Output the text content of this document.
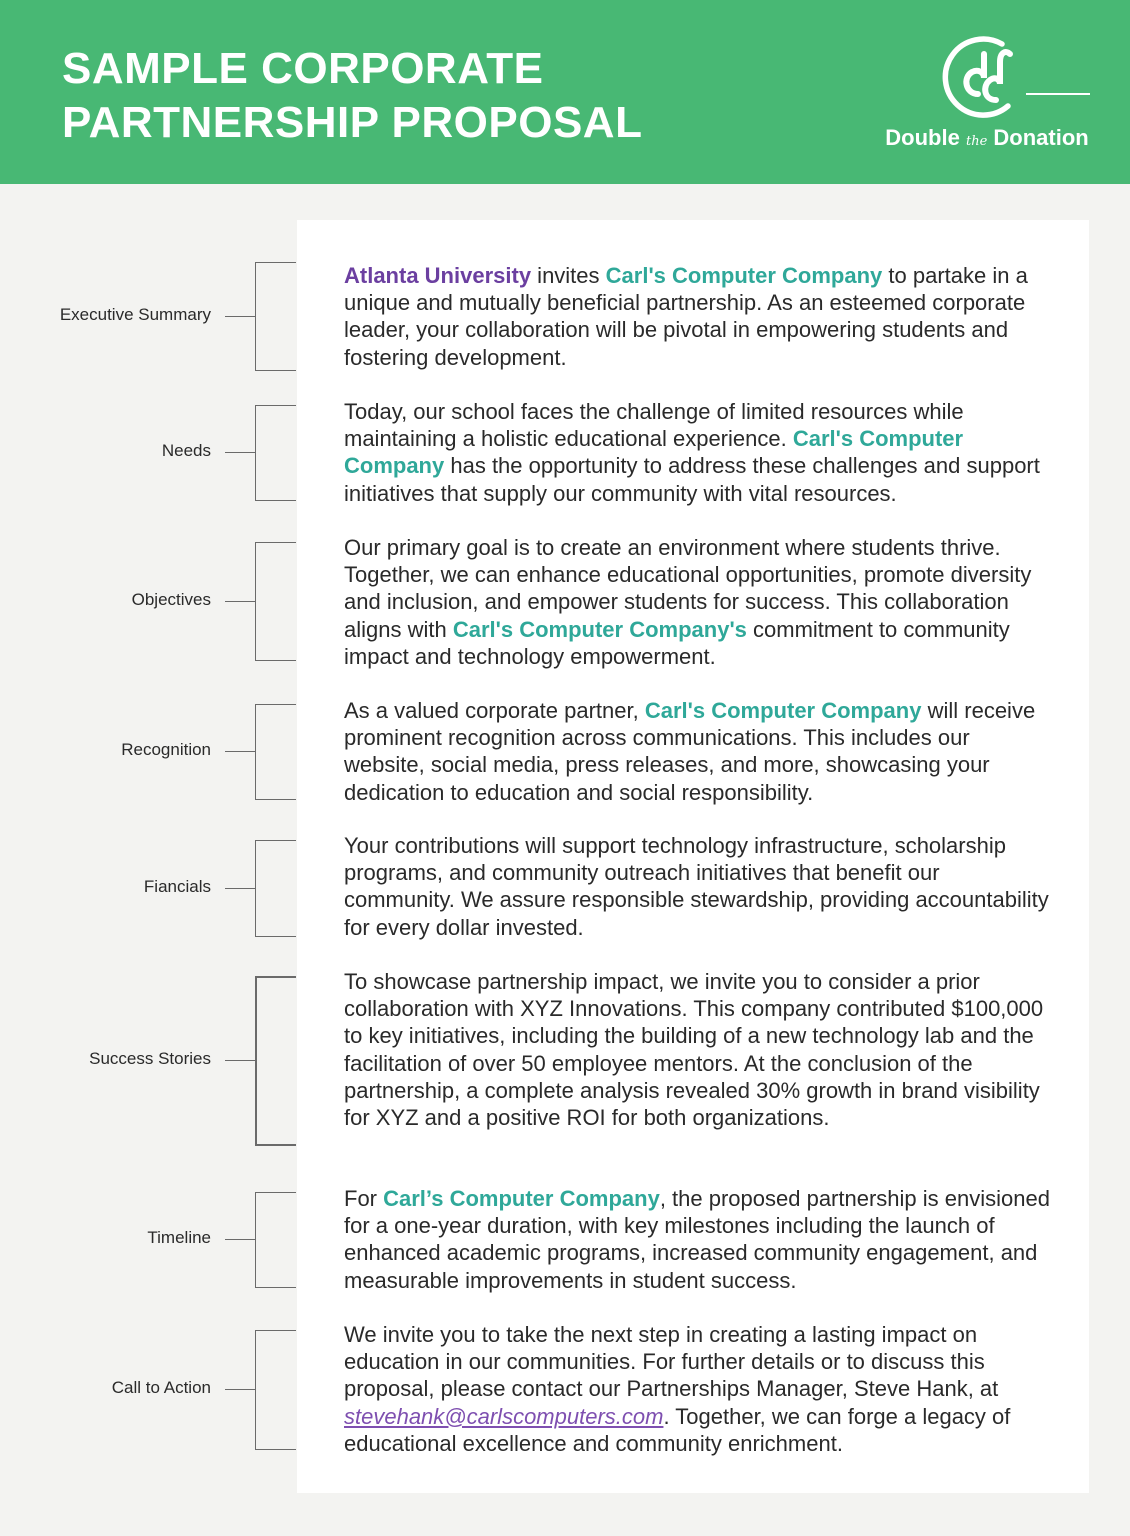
SAMPLE CORPORATE
PARTNERSHIP PROPOSAL	Double the Donation
Executive Summary
Atlanta University invites Carl's Computer Company to partake in a unique and mutually beneficial partnership. As an esteemed corporate leader, your collaboration will be pivotal in empowering students and fostering development.
Needs
Today, our school faces the challenge of limited resources while maintaining a holistic educational experience. Carl's Computer Company has the opportunity to address these challenges and support initiatives that supply our community with vital resources.
Objectives
Our primary goal is to create an environment where students thrive. Together, we can enhance educational opportunities, promote diversity and inclusion, and empower students for success. This collaboration aligns with Carl's Computer Company's commitment to community impact and technology empowerment.
Recognition
As a valued corporate partner, Carl's Computer Company will receive prominent recognition across communications. This includes our website, social media, press releases, and more, showcasing your dedication to education and social responsibility.
Fiancials
Your contributions will support technology infrastructure, scholarship programs, and community outreach initiatives that benefit our community. We assure responsible stewardship, providing accountability for every dollar invested.
Success Stories
To showcase partnership impact, we invite you to consider a prior collaboration with XYZ Innovations. This company contributed $100,000 to key initiatives, including the building of a new technology lab and the facilitation of over 50 employee mentors. At the conclusion of the partnership, a complete analysis revealed 30% growth in brand visibility for XYZ and a positive ROI for both organizations.
Timeline
For Carl’s Computer Company, the proposed partnership is envisioned for a one-year duration, with key milestones including the launch of enhanced academic programs, increased community engagement, and measurable improvements in student success.
Call to Action
We invite you to take the next step in creating a lasting impact on education in our communities. For further details or to discuss this proposal, please contact our Partnerships Manager, Steve Hank, at stevehank@carlscomputers.com. Together, we can forge a legacy of educational excellence and community enrichment.
